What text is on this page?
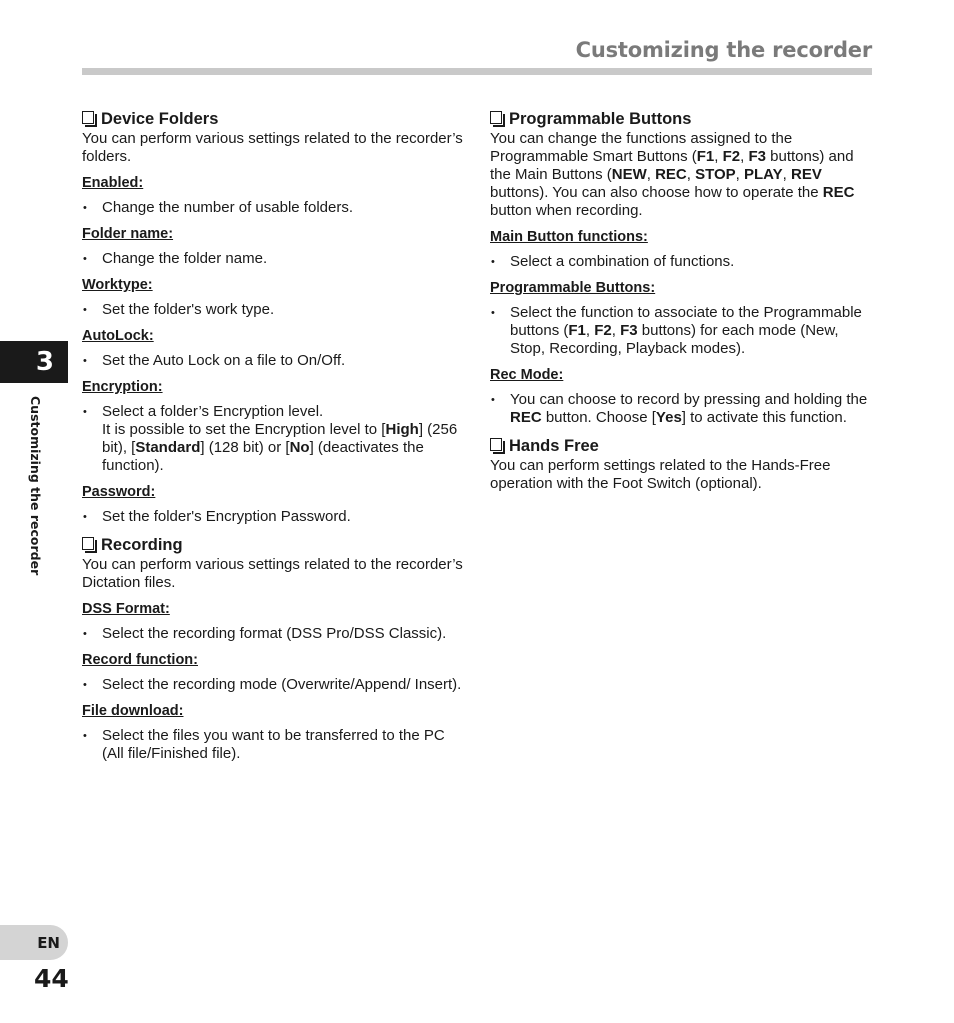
Customizing the recorder
3
Customizing the recorder
EN
44
Device Folders

You can perform various settings related to the recorder’s folders.

Enabled:
• Change the number of usable folders.
Folder name:
• Change the folder name.
Worktype:
• Set the folder's work type.
AutoLock:
• Set the Auto Lock on a file to On/Off.
Encryption:
• Select a folder’s Encryption level.
It is possible to set the Encryption level to [High] (256 bit), [Standard] (128 bit) or [No] (deactivates the function).
Password:
• Set the folder's Encryption Password.
Recording

You can perform various settings related to the recorder’s Dictation files.

DSS Format:
• Select the recording format (DSS Pro/DSS Classic).
Record function:
• Select the recording mode (Overwrite/Append/ Insert).
File download:
• Select the files you want to be transferred to the PC (All file/Finished file).
Programmable Buttons

You can change the functions assigned to the Programmable Smart Buttons (F1, F2, F3 buttons) and the Main Buttons (NEW, REC, STOP, PLAY, REV buttons). You can also choose how to operate the REC button when recording.

Main Button functions:
• Select a combination of functions.
Programmable Buttons:
• Select the function to associate to the Programmable buttons (F1, F2, F3 buttons) for each mode (New, Stop, Recording, Playback modes).
Rec Mode:
• You can choose to record by pressing and holding the REC button. Choose [Yes] to activate this function.
Hands Free

You can perform settings related to the Hands-Free operation with the Foot Switch (optional).
